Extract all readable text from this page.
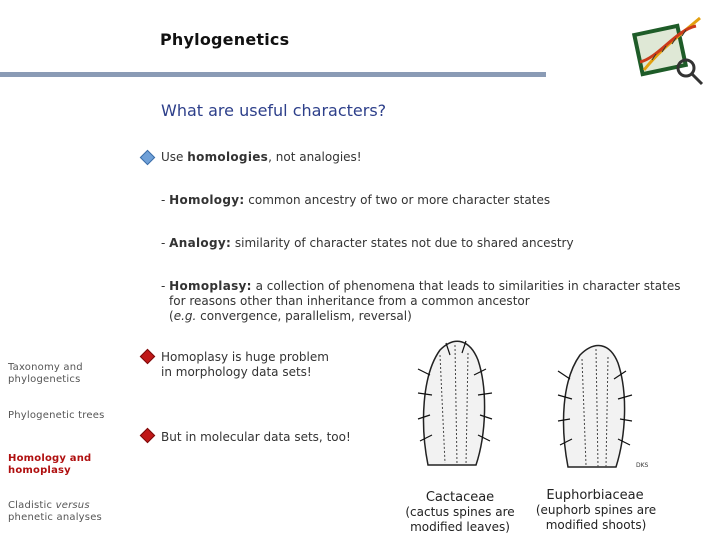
Phylogenetics
What are useful characters?
Use homologies, not analogies!
- Homology: common ancestry of two or more character states
- Analogy: similarity of character states not due to shared ancestry
- Homoplasy: a collection of phenomena that leads to similarities in character states
for reasons other than inheritance from a common ancestor
(e.g. convergence, parallelism, reversal)
Homoplasy is huge problem
in morphology data sets!
But in molecular data sets, too!
Taxonomy and phylogenetics
Phylogenetic trees
Homology and homoplasy
Cladistic versus
phenetic analyses
DKS
Cactaceae
(cactus spines are modified leaves)
Euphorbiaceae
(euphorb spines are modified shoots)
